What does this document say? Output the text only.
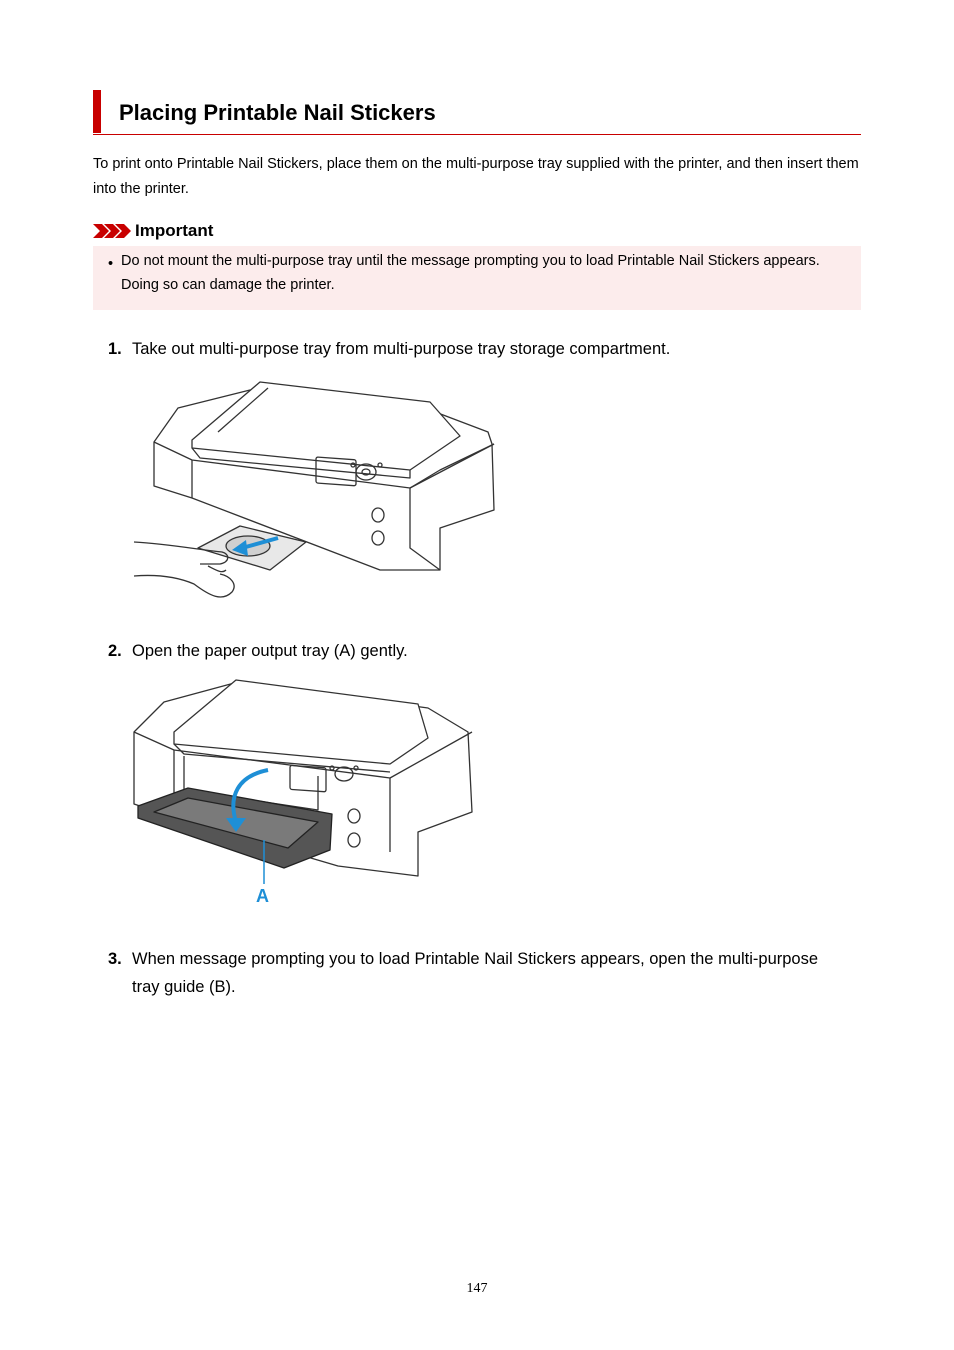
Placing Printable Nail Stickers

To print onto Printable Nail Stickers, place them on the multi-purpose tray supplied with the printer, and then insert them into the printer.

Important
• Do not mount the multi-purpose tray until the message prompting you to load Printable Nail Stickers appears. Doing so can damage the printer.

1. Take out multi-purpose tray from multi-purpose tray storage compartment.

2. Open the paper output tray (A) gently.

A
3. When message prompting you to load Printable Nail Stickers appears, open the multi-purpose tray guide (B).

147
